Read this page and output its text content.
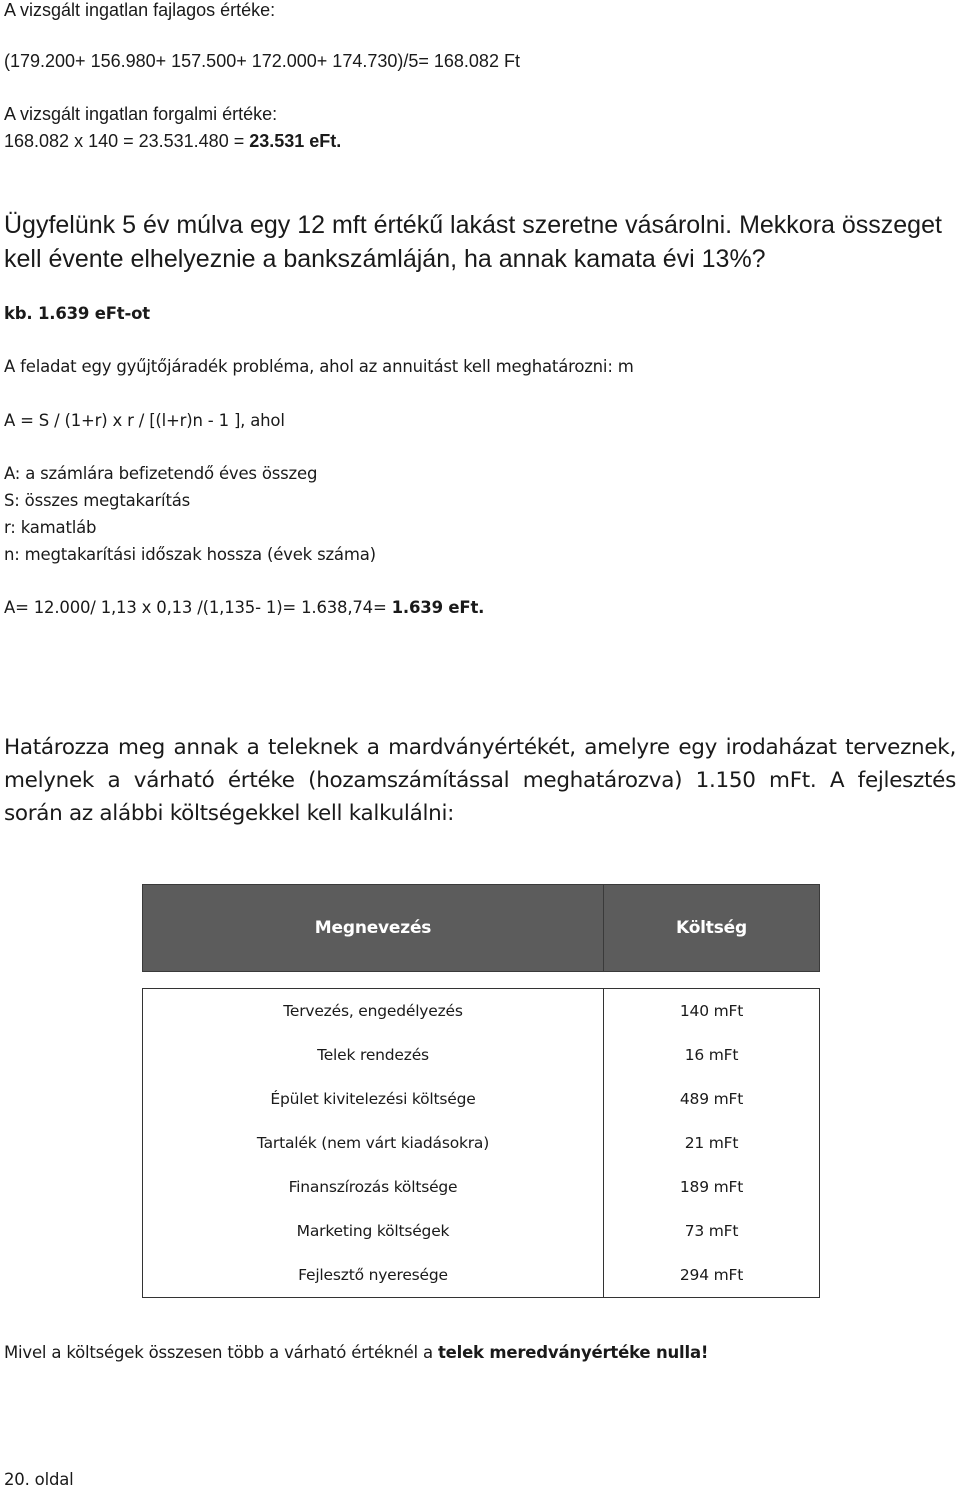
A vizsgált ingatlan fajlagos értéke:
(179.200+ 156.980+ 157.500+ 172.000+ 174.730)/5= 168.082 Ft
A vizsgált ingatlan forgalmi értéke:
168.082 x 140 = 23.531.480 = 23.531 eFt.
Ügyfelünk 5 év múlva egy 12 mft értékű lakást szeretne vásárolni. Mekkora összeget kell évente elhelyeznie a bankszámláján, ha annak kamata évi 13%?
kb. 1.639 eFt-ot
A feladat egy gyűjtőjáradék probléma, ahol az annuitást kell meghatározni: m
A = S / (1+r) x r / [(l+r)n - 1 ], ahol
A: a számlára befizetendő éves összeg
S: összes megtakarítás
r: kamatláb
n: megtakarítási időszak hossza (évek száma)
A= 12.000/ 1,13 x 0,13 /(1,135- 1)= 1.638,74= 1.639 eFt.
Határozza meg annak a teleknek a mardványértékét, amelyre egy irodaházat terveznek, melynek a várható értéke (hozamszámítással meghatározva) 1.150 mFt. A fejlesztés során az alábbi költségekkel kell kalkulálni:
Megnevezés	Költség

Tervezés, engedélyezés	140 mFt
Telek rendezés	16 mFt
Épület kivitelezési költsége	489 mFt
Tartalék (nem várt kiadásokra)	21 mFt
Finanszírozás költsége	189 mFt
Marketing költségek	73 mFt
Fejlesztő nyeresége	294 mFt
Mivel a költségek összesen több a várható értéknél a telek meredványértéke nulla!
20. oldal
